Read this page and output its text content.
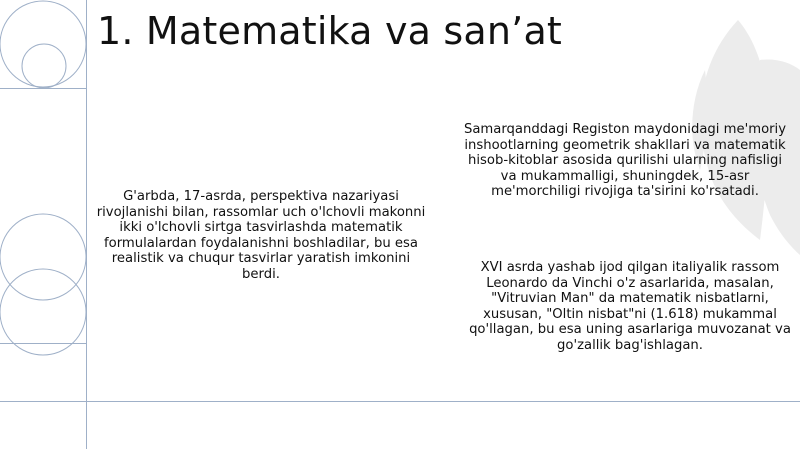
1. Matematika va san’at

G'arbda, 17-asrda, perspektiva nazariyasi rivojlanishi bilan, rassomlar uch o'lchovli makonni ikki o'lchovli sirtga tasvirlashda matematik formulalardan foydalanishni boshladilar, bu esa realistik va chuqur tasvirlar yaratish imkonini berdi.

Samarqanddagi Registon maydonidagi me'moriy inshootlarning geometrik shakllari va matematik hisob-kitoblar asosida qurilishi ularning nafisligi va mukammalligi, shuningdek, 15-asr me'morchiligi rivojiga ta'sirini ko'rsatadi.

XVI asrda yashab ijod qilgan italiyalik rassom Leonardo da Vinchi o'z asarlarida, masalan, "Vitruvian Man" da matematik nisbatlarni, xususan, "Oltin nisbat"ni (1.618) mukammal qo'llagan, bu esa uning asarlariga muvozanat va go'zallik bag'ishlagan.
